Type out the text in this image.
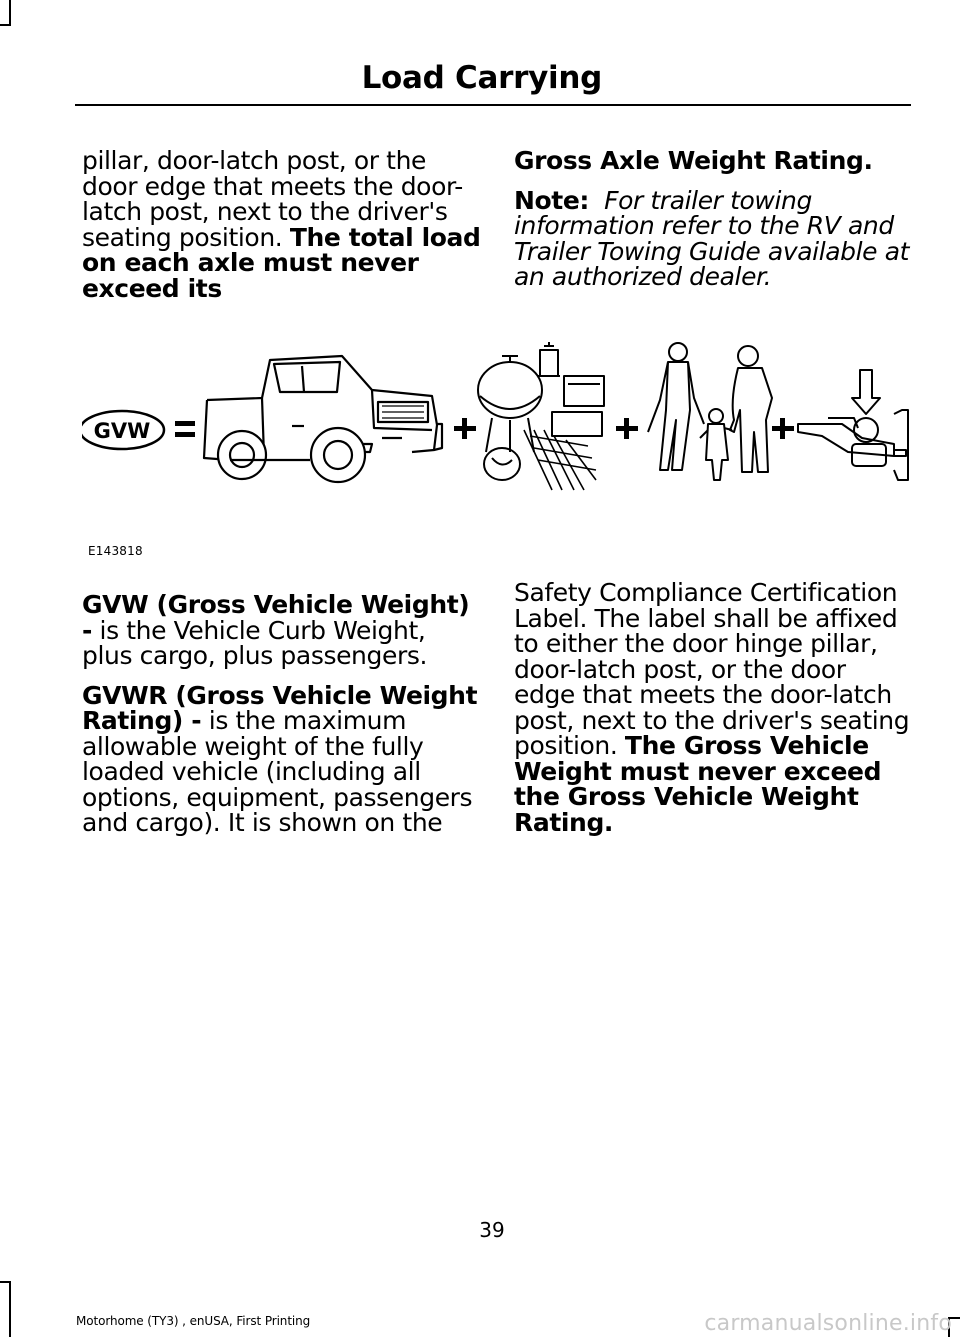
Load Carrying

pillar, door-latch post, or the door edge that meets the door-latch post, next to the driver's seating position. The total load on each axle must never exceed its

Gross Axle Weight Rating.

Note: For trailer towing information refer to the RV and Trailer Towing Guide available at an authorized dealer.

GVW
E143818

GVW (Gross Vehicle Weight) - is the Vehicle Curb Weight, plus cargo, plus passengers.

GVWR (Gross Vehicle Weight Rating) - is the maximum allowable weight of the fully loaded vehicle (including all options, equipment, passengers and cargo). It is shown on the

Safety Compliance Certification Label. The label shall be affixed to either the door hinge pillar, door-latch post, or the door edge that meets the door-latch post, next to the driver's seating position. The Gross Vehicle Weight must never exceed the Gross Vehicle Weight Rating.

39
Motorhome (TY3) , enUSA, First Printing	carmanualsonline.info
